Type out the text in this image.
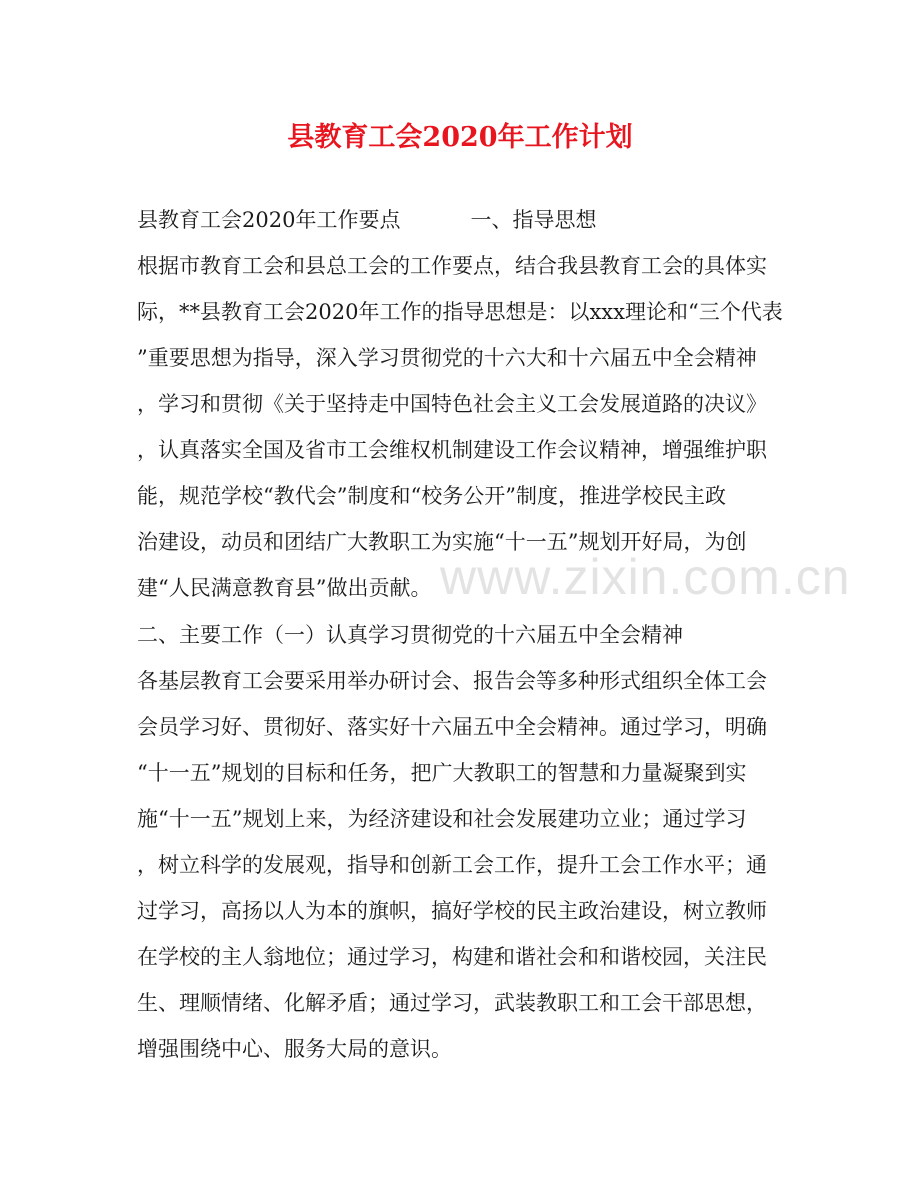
县教育工会2020年工作计划
县教育工会2020年工作要点	一、指导思想
根据市教育工会和县总工会的工作要点，结合我县教育工会的具体实
际，**县教育工会2020年工作的指导思想是：以xxx理论和“三个代表
”重要思想为指导，深入学习贯彻党的十六大和十六届五中全会精神
，学习和贯彻《关于坚持走中国特色社会主义工会发展道路的决议》
，认真落实全国及省市工会维权机制建设工作会议精神，增强维护职
能，规范学校“教代会”制度和“校务公开”制度，推进学校民主政
治建设，动员和团结广大教职工为实施“十一五”规划开好局，为创
建“人民满意教育县”做出贡献。
二、主要工作（一）认真学习贯彻党的十六届五中全会精神
各基层教育工会要采用举办研讨会、报告会等多种形式组织全体工会
会员学习好、贯彻好、落实好十六届五中全会精神。通过学习，明确
“十一五”规划的目标和任务，把广大教职工的智慧和力量凝聚到实
施“十一五”规划上来，为经济建设和社会发展建功立业；通过学习
，树立科学的发展观，指导和创新工会工作，提升工会工作水平；通
过学习，高扬以人为本的旗帜，搞好学校的民主政治建设，树立教师
在学校的主人翁地位；通过学习，构建和谐社会和和谐校园，关注民
生、理顺情绪、化解矛盾；通过学习，武装教职工和工会干部思想，
增强围绕中心、服务大局的意识。
www.zixin.com.cn
